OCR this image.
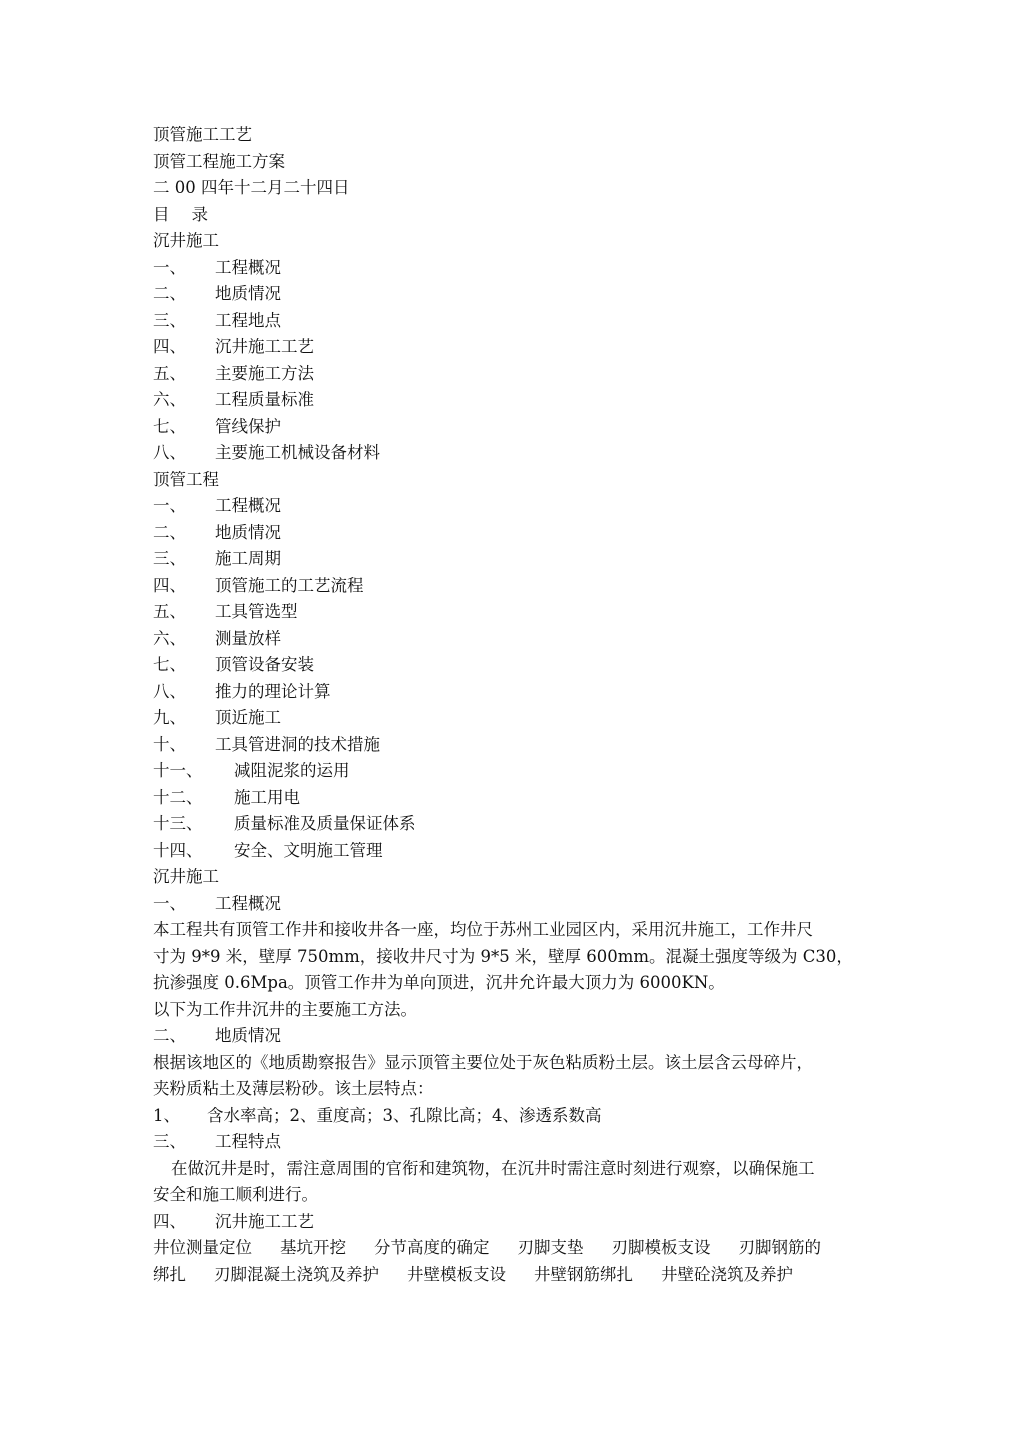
顶管施工工艺
顶管工程施工方案
二 00 四年十二月二十四日
目 录
沉井施工
一、 工程概况
二、 地质情况
三、 工程地点
四、 沉井施工工艺
五、 主要施工方法
六、 工程质量标准
七、 管线保护
八、 主要施工机械设备材料
顶管工程
一、 工程概况
二、 地质情况
三、 施工周期
四、 顶管施工的工艺流程
五、 工具管选型
六、 测量放样
七、 顶管设备安装
八、 推力的理论计算
九、 顶近施工
十、 工具管进洞的技术措施
十一、 减阻泥浆的运用
十二、 施工用电
十三、 质量标准及质量保证体系
十四、 安全、文明施工管理
沉井施工
一、 工程概况
本工程共有顶管工作井和接收井各一座，均位于苏州工业园区内，采用沉井施工，工作井尺
寸为 9*9 米，壁厚 750mm，接收井尺寸为 9*5 米，壁厚 600mm。混凝土强度等级为 C30，
抗渗强度 0.6Mpa。顶管工作井为单向顶进，沉井允许最大顶力为 6000KN。
以下为工作井沉井的主要施工方法。
二、 地质情况
根据该地区的《地质勘察报告》显示顶管主要位处于灰色粘质粉土层。该土层含云母碎片，
夹粉质粘土及薄层粉砂。该土层特点：
1、 含水率高；2、重度高；3、孔隙比高；4、渗透系数高
三、 工程特点
在做沉井是时，需注意周围的官衔和建筑物，在沉井时需注意时刻进行观察，以确保施工
安全和施工顺利进行。
四、 沉井施工工艺
井位测量定位 基坑开挖 分节高度的确定 刃脚支垫 刃脚模板支设 刃脚钢筋的
绑扎 刃脚混凝土浇筑及养护 井壁模板支设 井壁钢筋绑扎 井壁砼浇筑及养护
